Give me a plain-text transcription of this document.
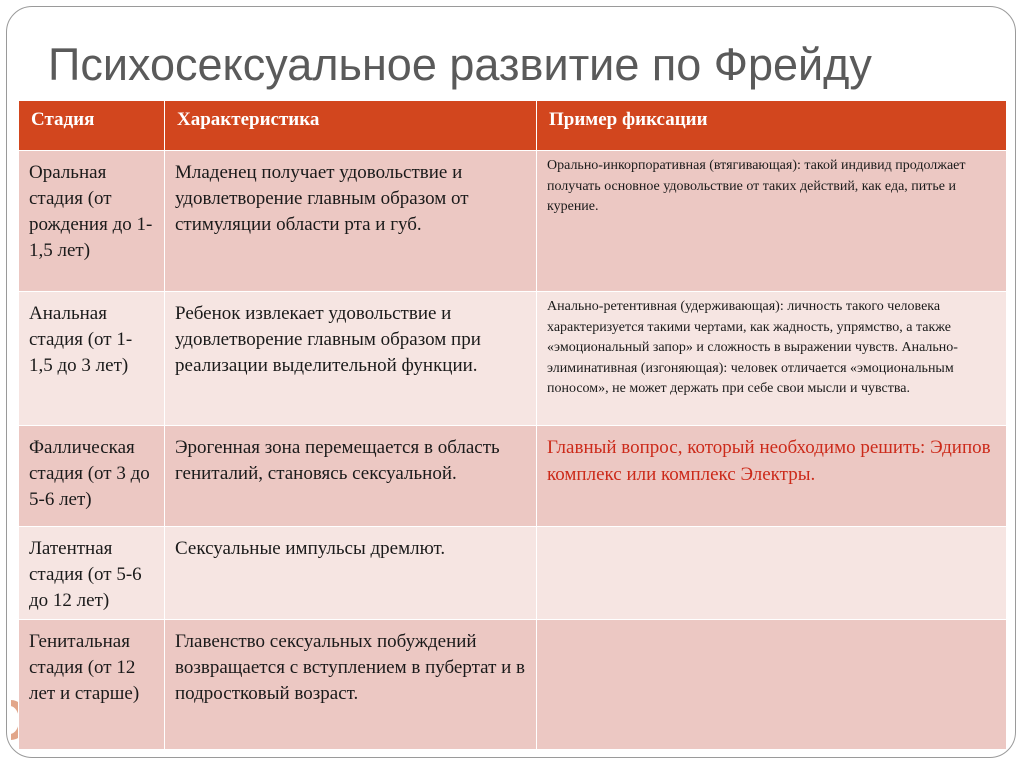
Психосексуальное развитие по Фрейду
Стадия	Характеристика	Пример фиксации
Оральная стадия (от рождения до 1-1,5 лет)	Младенец получает удовольствие и удовлетворение главным образом от стимуляции области рта и губ.	Орально-инкорпоративная (втягивающая): такой индивид продолжает получать основное удовольствие от таких действий, как еда, питье и курение.
Анальная стадия (от 1-1,5 до 3 лет)	Ребенок извлекает удовольствие и удовлетворение главным образом при реализации выделительной функции.	Анально-ретентивная (удерживающая): личность такого человека характеризуется такими чертами, как жадность, упрямство, а также «эмоциональный запор» и сложность в выражении чувств. Анально-элиминативная (изгоняющая): человек отличается «эмоциональным поносом», не может держать при себе свои мысли и чувства.
Фаллическая стадия (от 3 до 5-6 лет)	Эрогенная зона перемещается в область гениталий, становясь сексуальной.	Главный вопрос, который необходимо решить: Эдипов комплекс или комплекс Электры.
Латентная стадия (от 5-6 до 12 лет)	Сексуальные импульсы дремлют.	
Генитальная стадия (от 12 лет и старше)	Главенство сексуальных побуждений возвращается с вступлением в пубертат и в подростковый возраст.	
